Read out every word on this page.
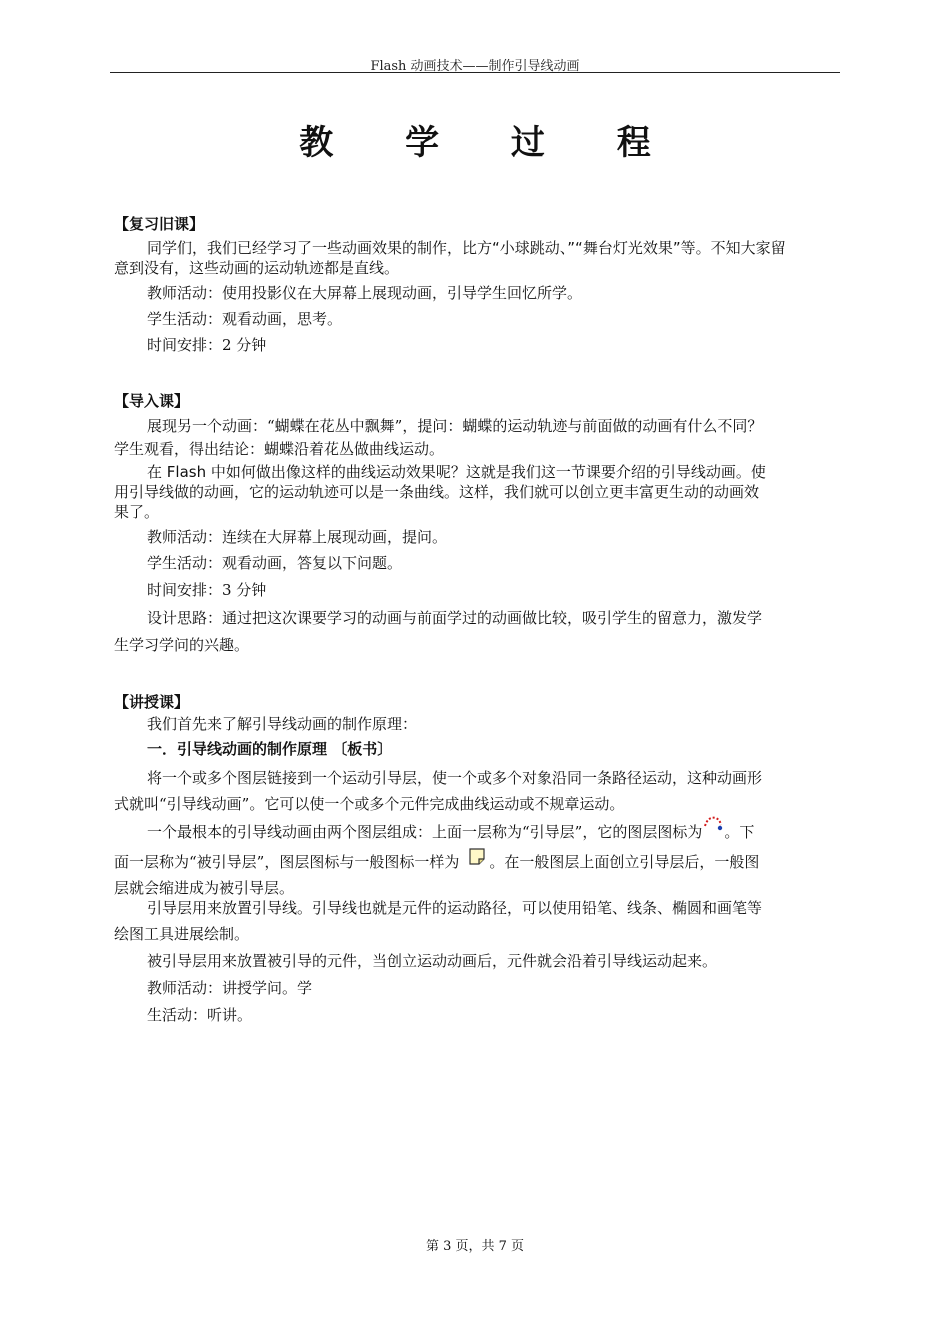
Flash 动画技术——制作引导线动画
教 学 过 程
【复习旧课】
同学们，我们已经学习了一些动画效果的制作，比方“小球跳动、”“舞台灯光效果”等。不知大家留
意到没有，这些动画的运动轨迹都是直线。
教师活动：使用投影仪在大屏幕上展现动画，引导学生回忆所学。
学生活动：观看动画，思考。
时间安排：2 分钟
【导入课】
展现另一个动画：“蝴蝶在花丛中飘舞”，提问：蝴蝶的运动轨迹与前面做的动画有什么不同？
学生观看，得出结论：蝴蝶沿着花丛做曲线运动。
在 Flash 中如何做出像这样的曲线运动效果呢？这就是我们这一节课要介绍的引导线动画。使
用引导线做的动画，它的运动轨迹可以是一条曲线。这样，我们就可以创立更丰富更生动的动画效
果了。
教师活动：连续在大屏幕上展现动画，提问。
学生活动：观看动画，答复以下问题。
时间安排：3 分钟
设计思路：通过把这次课要学习的动画与前面学过的动画做比较，吸引学生的留意力，激发学
生学习学问的兴趣。
【讲授课】
我们首先来了解引导线动画的制作原理：
一．引导线动画的制作原理 〔板书〕
将一个或多个图层链接到一个运动引导层，使一个或多个对象沿同一条路径运动，这种动画形
式就叫“引导线动画”。它可以使一个或多个元件完成曲线运动或不规章运动。
一个最根本的引导线动画由两个图层组成：上面一层称为“引导层”，它的图层图标为 。下
面一层称为“被引导层”，图层图标与一般图标一样为 。在一般图层上面创立引导层后，一般图
层就会缩进成为被引导层。
引导层用来放置引导线。引导线也就是元件的运动路径，可以使用铅笔、线条、椭圆和画笔等
绘图工具进展绘制。
被引导层用来放置被引导的元件，当创立运动动画后，元件就会沿着引导线运动起来。
教师活动：讲授学问。学
生活动：听讲。
第 3 页，共 7 页
